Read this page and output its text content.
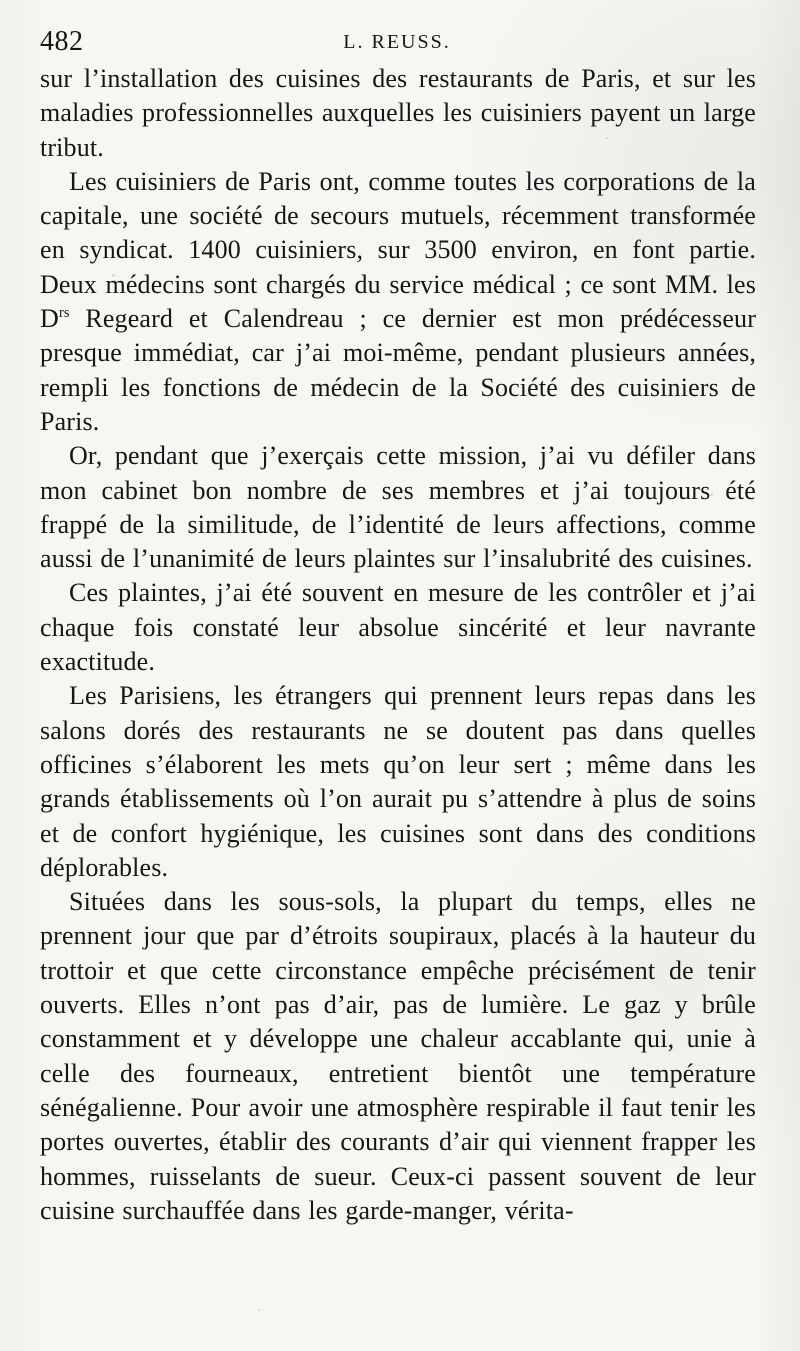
482	L. REUSS.

sur l’installation des cuisines des restaurants de Paris, et sur les maladies professionnelles auxquelles les cuisiniers payent un large tribut.

Les cuisiniers de Paris ont, comme toutes les corporations de la capitale, une société de secours mutuels, récemment transformée en syndicat. 1400 cuisiniers, sur 3500 environ, en font partie. Deux médecins sont chargés du service médical ; ce sont MM. les $D^{rs}$ Regeard et Calendreau ; ce dernier est mon prédécesseur presque immédiat, car j’ai moi-même, pendant plusieurs années, rempli les fonctions de médecin de la Société des cuisiniers de Paris.

Or, pendant que j’exerçais cette mission, j’ai vu défiler dans mon cabinet bon nombre de ses membres et j’ai toujours été frappé de la similitude, de l’identité de leurs affections, comme aussi de l’unanimité de leurs plaintes sur l’insalubrité des cuisines.

Ces plaintes, j’ai été souvent en mesure de les contrôler et j’ai chaque fois constaté leur absolue sincérité et leur navrante exactitude.

Les Parisiens, les étrangers qui prennent leurs repas dans les salons dorés des restaurants ne se doutent pas dans quelles officines s’élaborent les mets qu’on leur sert ; même dans les grands établissements où l’on aurait pu s’attendre à plus de soins et de confort hygiénique, les cuisines sont dans des conditions déplorables.

Situées dans les sous-sols, la plupart du temps, elles ne prennent jour que par d’étroits soupiraux, placés à la hauteur du trottoir et que cette circonstance empêche précisément de tenir ouverts. Elles n’ont pas d’air, pas de lumière. Le gaz y brûle constamment et y développe une chaleur accablante qui, unie à celle des fourneaux, entretient bientôt une température sénégalienne. Pour avoir une atmosphère respirable il faut tenir les portes ouvertes, établir des courants d’air qui viennent frapper les hommes, ruisselants de sueur. Ceux-ci passent souvent de leur cuisine surchauffée dans les garde-manger, vérita-
